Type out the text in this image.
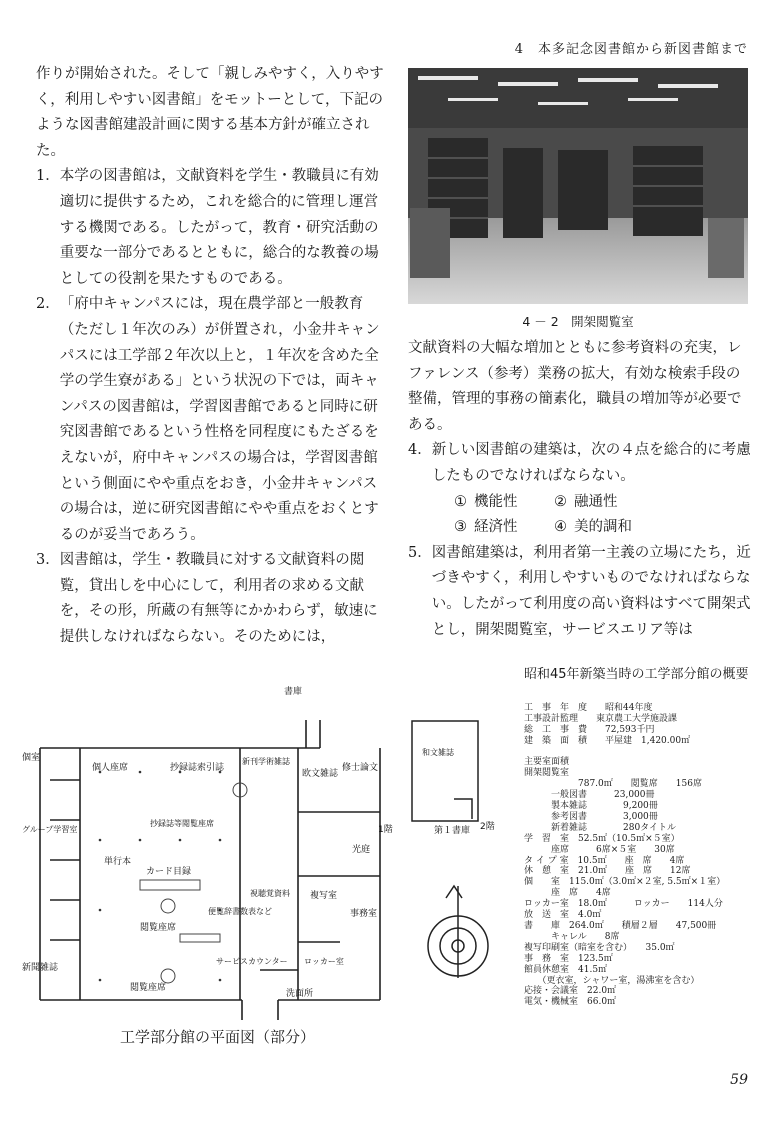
4　本多記念図書館から新図書館まで

作りが開始された。そして「親しみやすく，入りやすく，利用しやすい図書館」をモットーとして，下記のような図書館建設計画に関する基本方針が確立された。

1． 本学の図書館は，文献資料を学生・教職員に有効適切に提供するため，これを総合的に管理し運営する機関である。したがって，教育・研究活動の重要な一部分であるとともに，総合的な教養の場としての役割を果たすものである。
2． 「府中キャンパスには，現在農学部と一般教育（ただし１年次のみ）が併置され，小金井キャンパスには工学部２年次以上と，１年次を含めた全学の学生寮がある」という状況の下では，両キャンパスの図書館は，学習図書館であると同時に研究図書館であるという性格を同程度にもたざるをえないが，府中キャンパスの場合は，学習図書館という側面にやや重点をおき，小金井キャンパスの場合は，逆に研究図書館にやや重点をおくとするのが妥当であろう。
3． 図書館は，学生・教職員に対する文献資料の閲覧，貸出しを中心にして，利用者の求める文献を，その形，所蔵の有無等にかかわらず，敏速に提供しなければならない。そのためには，
4 － 2　開架閲覧室

文献資料の大幅な増加とともに参考資料の充実，レファレンス（参考）業務の拡大，有効な検索手段の整備，管理的事務の簡素化，職員の増加等が必要である。

4． 新しい図書館の建築は，次の４点を総合的に考慮したものでなければならない。
① 機能性	② 融通性
③ 経済性	④ 美的調和
5． 図書館建築は，利用者第一主義の立場にたち，近づきやすく，利用しやすいものでなければならない。したがって利用度の高い資料はすべて開架式とし，開架閲覧室，サービスエリア等は
書庫
個室
グループ学習室
新聞雑誌
個人座席	抄録誌索引誌
新刊学術雑誌
欧文雑誌
修士論文
抄録誌等閲覧座席
カード目録
単行本
閲覧座席
便覧辞書数表など
視聴覚資料 複写室
光庭
サービスカウンター ロッカー室
事務室
閲覧座席
洗面所
1階
工学部分館の平面図（部分）
和文雑誌
2階
第１書庫
昭和45年新築当時の工学部分館の概要
工　事　年　度　　昭和44年度
工事設計監理　　東京農工大学施設課
総　工　事　費　　72,593千円
建　築　面　積　　平屋建　1,420.00㎡
主要室面積
開架閲覧室
　　　　　　787.0㎡　　閲覧席　　156席
　　　一般図書　　　23,000冊
　　　製本雑誌　　　　9,200冊
　　　参考図書　　　　3,000冊
　　　新着雑誌　　　　280タイトル
学　習　室　52.5㎡（10.5㎡×５室）
　　　座席　　　6席×５室　　30席
タ イ プ 室　10.5㎡　　座　席　　4席
休　憩　室　21.0㎡　　座　席　　12席
個　　室　115.0㎡（3.0㎡×２室, 5.5㎡×１室）
　　　座　席　　4席
ロッカー室　18.0㎡　　　ロッカー　　114人分
放　送　室　4.0㎡
書　　庫　264.0㎡　　積層２層　　47,500冊
　　　キャレル　　8席
複写印刷室（暗室を含む）　　35.0㎡
事　務　室　123.5㎡
館員休憩室　41.5㎡
　　（更衣室，シャワー室，湯沸室を含む）
応接・会議室　22.0㎡
電気・機械室　66.0㎡
59
